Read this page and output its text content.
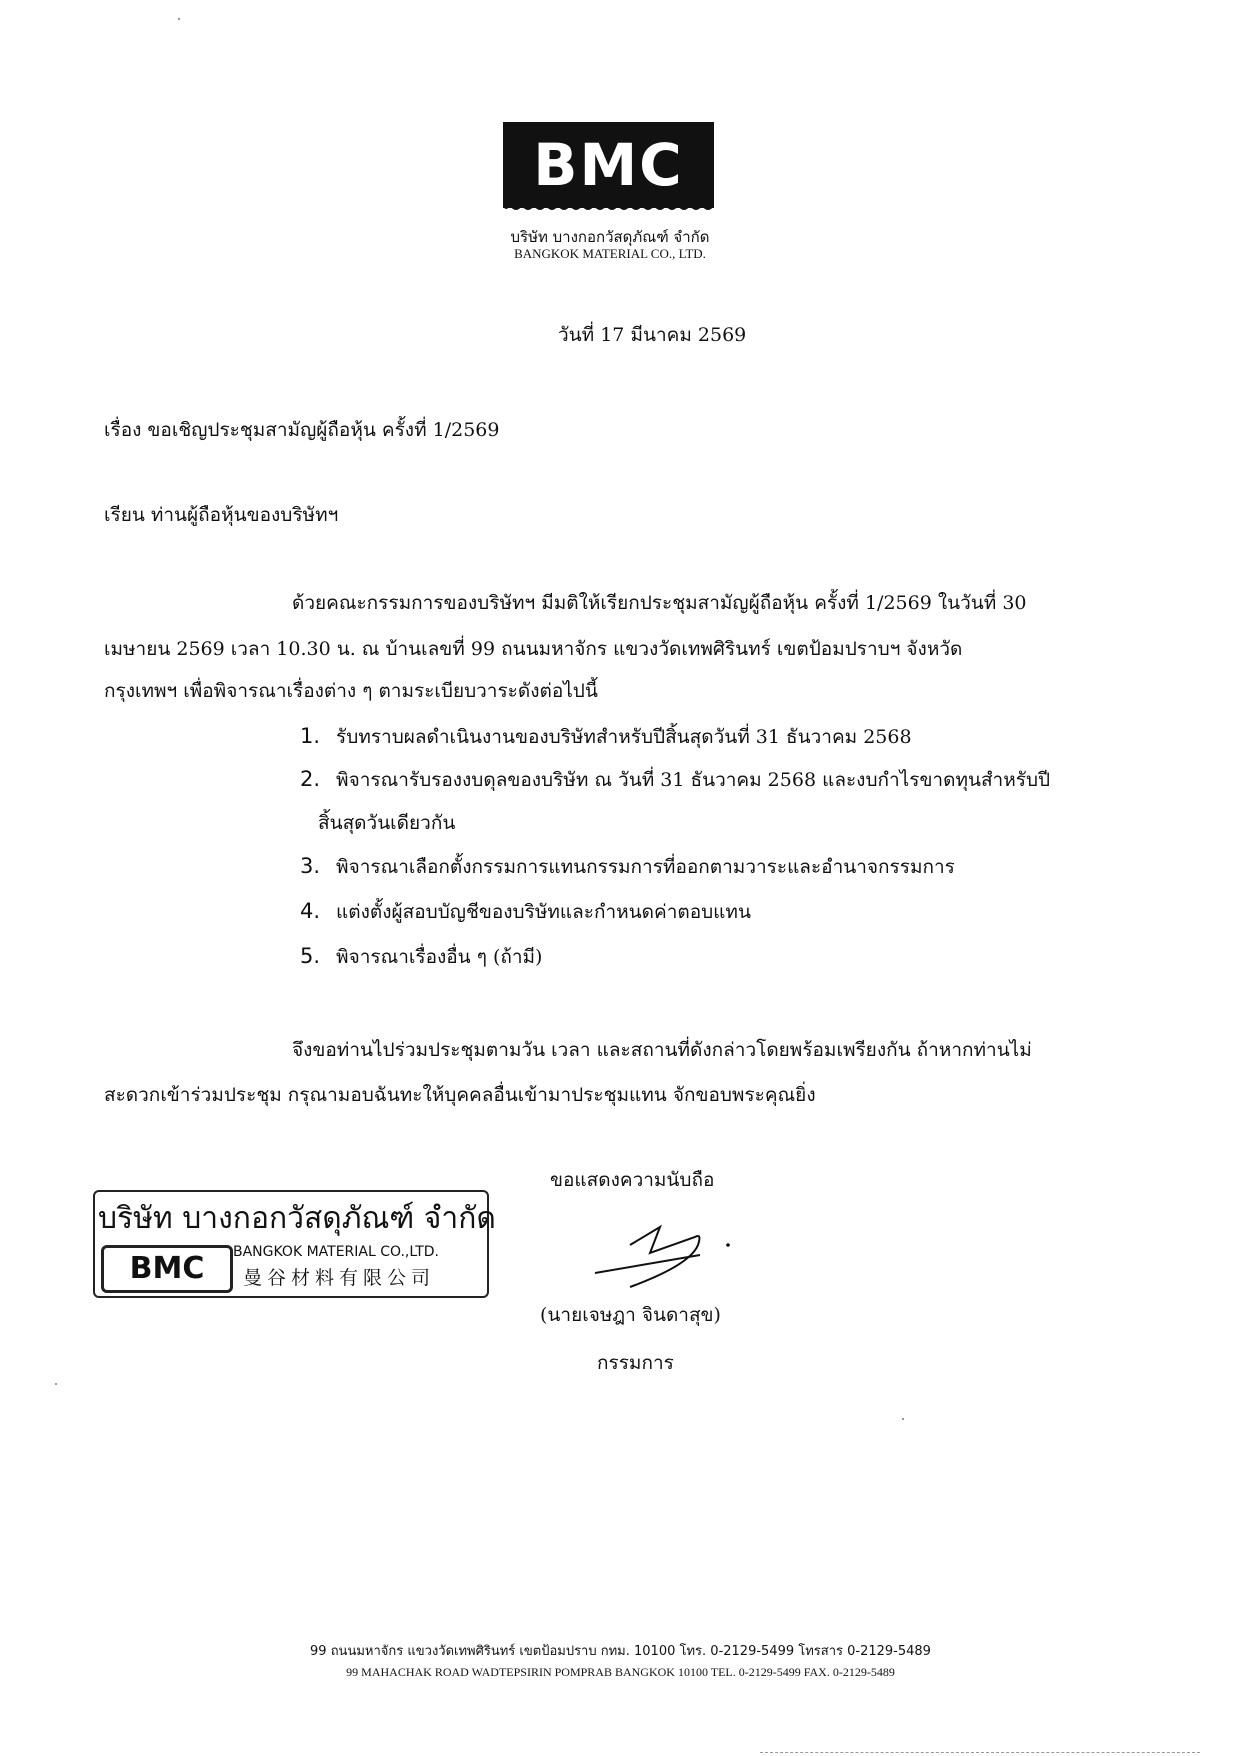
BMC
บริษัท บางกอกวัสดุภัณฑ์ จำกัด
BANGKOK MATERIAL CO., LTD.
วันที่ 17 มีนาคม 2569
เรื่อง ขอเชิญประชุมสามัญผู้ถือหุ้น ครั้งที่ 1/2569
เรียน ท่านผู้ถือหุ้นของบริษัทฯ
ด้วยคณะกรรมการของบริษัทฯ มีมติให้เรียกประชุมสามัญผู้ถือหุ้น ครั้งที่ 1/2569 ในวันที่ 30
เมษายน 2569 เวลา 10.30 น. ณ บ้านเลขที่ 99 ถนนมหาจักร แขวงวัดเทพศิรินทร์ เขตป้อมปราบฯ จังหวัด
กรุงเทพฯ เพื่อพิจารณาเรื่องต่าง ๆ ตามระเบียบวาระดังต่อไปนี้
1. รับทราบผลดำเนินงานของบริษัทสำหรับปีสิ้นสุดวันที่ 31 ธันวาคม 2568
2. พิจารณารับรองงบดุลของบริษัท ณ วันที่ 31 ธันวาคม 2568 และงบกำไรขาดทุนสำหรับปี
สิ้นสุดวันเดียวกัน
3. พิจารณาเลือกตั้งกรรมการแทนกรรมการที่ออกตามวาระและอำนาจกรรมการ
4. แต่งตั้งผู้สอบบัญชีของบริษัทและกำหนดค่าตอบแทน
5. พิจารณาเรื่องอื่น ๆ (ถ้ามี)
จึงขอท่านไปร่วมประชุมตามวัน เวลา และสถานที่ดังกล่าวโดยพร้อมเพรียงกัน ถ้าหากท่านไม่
สะดวกเข้าร่วมประชุม กรุณามอบฉันทะให้บุคคลอื่นเข้ามาประชุมแทน จักขอบพระคุณยิ่ง
ขอแสดงความนับถือ
บริษัท บางกอกวัสดุภัณฑ์ จำกัด
BMC	BANGKOK MATERIAL CO.,LTD.
曼谷材料有限公司
(นายเจษฎา จินดาสุข)
กรรมการ
99 ถนนมหาจักร แขวงวัดเทพศิรินทร์ เขตป้อมปราบ กทม. 10100 โทร. 0-2129-5499 โทรสาร 0-2129-5489
99 MAHACHAK ROAD WADTEPSIRIN POMPRAB BANGKOK 10100 TEL. 0-2129-5499 FAX. 0-2129-5489
